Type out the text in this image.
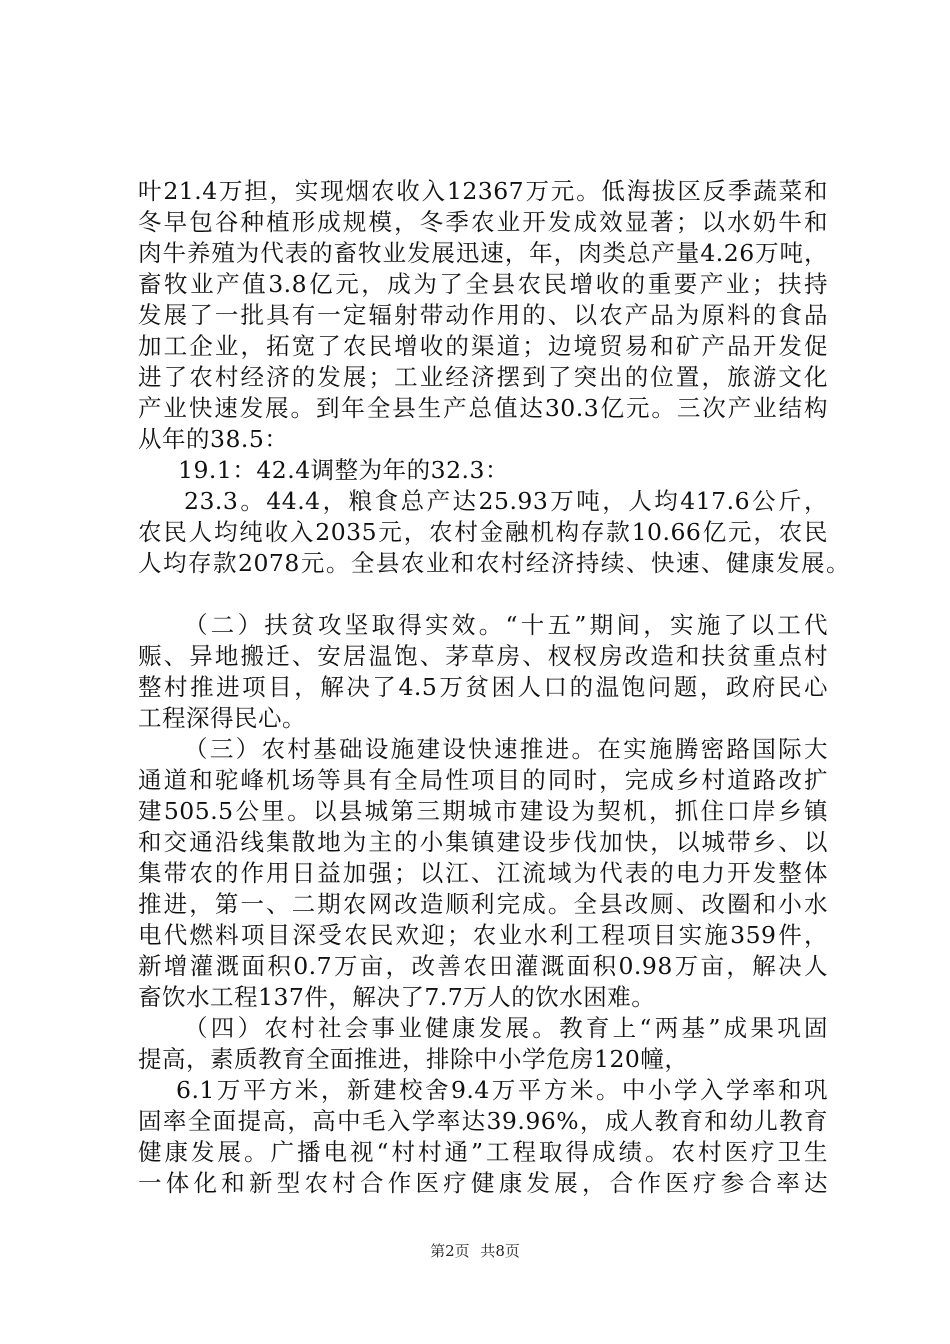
叶21.4万担，实现烟农收入12367万元。低海拔区反季蔬菜和
冬早包谷种植形成规模，冬季农业开发成效显著；以水奶牛和
肉牛养殖为代表的畜牧业发展迅速，年，肉类总产量4.26万吨，
畜牧业产值3.8亿元，成为了全县农民增收的重要产业；扶持
发展了一批具有一定辐射带动作用的、以农产品为原料的食品
加工企业，拓宽了农民增收的渠道；边境贸易和矿产品开发促
进了农村经济的发展；工业经济摆到了突出的位置，旅游文化
产业快速发展。到年全县生产总值达30.3亿元。三次产业结构
从年的38.5：
19.1：42.4调整为年的32.3：
23.3。44.4，粮食总产达25.93万吨，人均417.6公斤，
农民人均纯收入2035元，农村金融机构存款10.66亿元，农民
人均存款2078元。全县农业和农村经济持续、快速、健康发展。
（二）扶贫攻坚取得实效。“十五”期间，实施了以工代
赈、异地搬迁、安居温饱、茅草房、杈杈房改造和扶贫重点村
整村推进项目，解决了4.5万贫困人口的温饱问题，政府民心
工程深得民心。
（三）农村基础设施建设快速推进。在实施腾密路国际大
通道和驼峰机场等具有全局性项目的同时，完成乡村道路改扩
建505.5公里。以县城第三期城市建设为契机，抓住口岸乡镇
和交通沿线集散地为主的小集镇建设步伐加快，以城带乡、以
集带农的作用日益加强；以江、江流域为代表的电力开发整体
推进，第一、二期农网改造顺利完成。全县改厕、改圈和小水
电代燃料项目深受农民欢迎；农业水利工程项目实施359件，
新增灌溉面积0.7万亩，改善农田灌溉面积0.98万亩，解决人
畜饮水工程137件，解决了7.7万人的饮水困难。
（四）农村社会事业健康发展。教育上“两基”成果巩固
提高，素质教育全面推进，排除中小学危房120幢，
6.1万平方米，新建校舍9.4万平方米。中小学入学率和巩
固率全面提高，高中毛入学率达39.96%，成人教育和幼儿教育
健康发展。广播电视“村村通”工程取得成绩。农村医疗卫生
一体化和新型农村合作医疗健康发展，合作医疗参合率达
第2页 共8页
